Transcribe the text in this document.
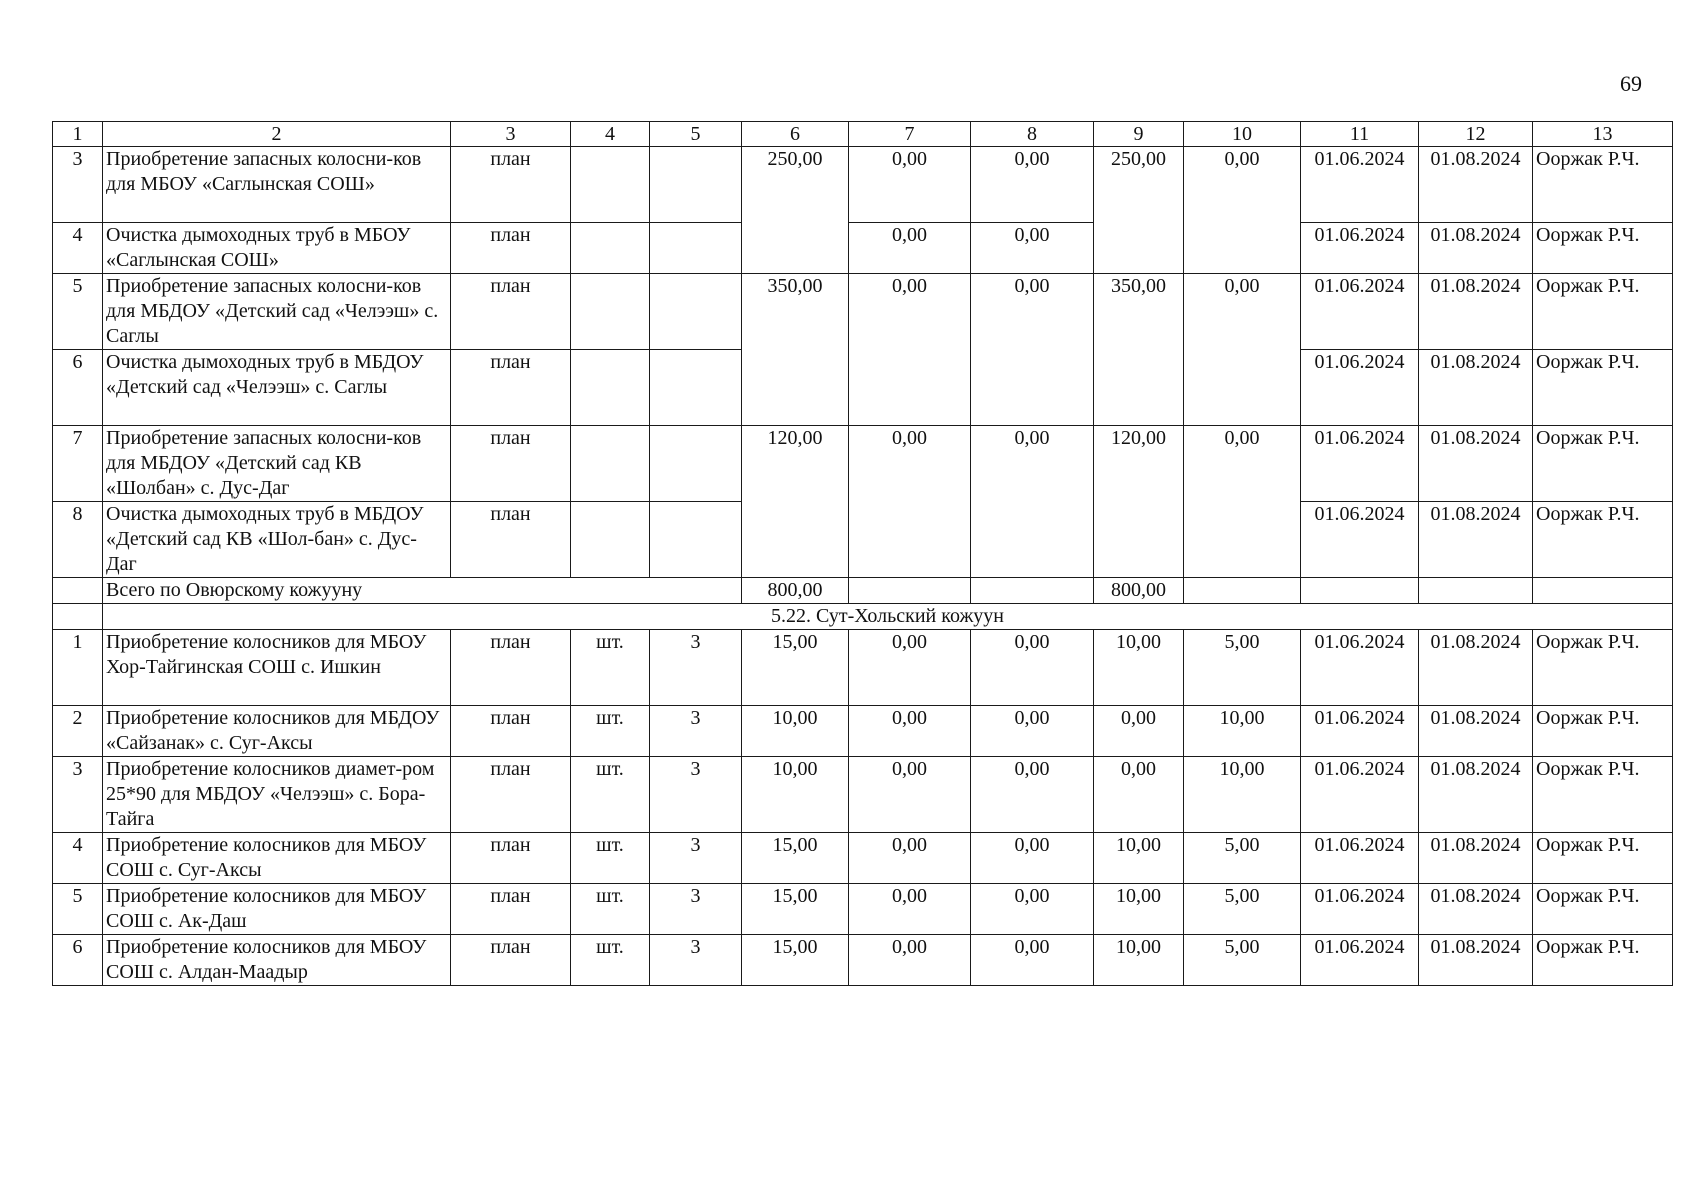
69
1	2	3	4	5	6	7	8	9	10	11	12	13
3	Приобретение запасных колосни-ков для МБОУ «Саглынская СОШ»	план			250,00	0,00	0,00	250,00	0,00	01.06.2024	01.08.2024	Ооржак Р.Ч.
4	Очистка дымоходных труб в МБОУ «Саглынская СОШ»	план				0,00	0,00			01.06.2024	01.08.2024	Ооржак Р.Ч.
5	Приобретение запасных колосни-ков для МБДОУ «Детский сад «Челээш» с. Саглы	план			350,00	0,00	0,00	350,00	0,00	01.06.2024	01.08.2024	Ооржак Р.Ч.
6	Очистка дымоходных труб в МБДОУ «Детский сад «Челээш» с. Саглы	план								01.06.2024	01.08.2024	Ооржак Р.Ч.
7	Приобретение запасных колосни-ков для МБДОУ «Детский сад КВ «Шолбан» с. Дус-Даг	план			120,00	0,00	0,00	120,00	0,00	01.06.2024	01.08.2024	Ооржак Р.Ч.
8	Очистка дымоходных труб в МБДОУ «Детский сад КВ «Шол-бан» с. Дус-Даг	план								01.06.2024	01.08.2024	Ооржак Р.Ч.
	Всего по Овюрскому кожууну				800,00			800,00				
	5.22. Сут-Хольский кожуун											
1	Приобретение колосников для МБОУ Хор-Тайгинская СОШ с. Ишкин	план	шт.	3	15,00	0,00	0,00	10,00	5,00	01.06.2024	01.08.2024	Ооржак Р.Ч.
2	Приобретение колосников для МБДОУ «Сайзанак» с. Суг-Аксы	план	шт.	3	10,00	0,00	0,00	0,00	10,00	01.06.2024	01.08.2024	Ооржак Р.Ч.
3	Приобретение колосников диамет-ром 25*90 для МБДОУ «Челээш» с. Бора-Тайга	план	шт.	3	10,00	0,00	0,00	0,00	10,00	01.06.2024	01.08.2024	Ооржак Р.Ч.
4	Приобретение колосников для МБОУ СОШ с. Суг-Аксы	план	шт.	3	15,00	0,00	0,00	10,00	5,00	01.06.2024	01.08.2024	Ооржак Р.Ч.
5	Приобретение колосников для МБОУ СОШ с. Ак-Даш	план	шт.	3	15,00	0,00	0,00	10,00	5,00	01.06.2024	01.08.2024	Ооржак Р.Ч.
6	Приобретение колосников для МБОУ СОШ с. Алдан-Маадыр	план	шт.	3	15,00	0,00	0,00	10,00	5,00	01.06.2024	01.08.2024	Ооржак Р.Ч.
